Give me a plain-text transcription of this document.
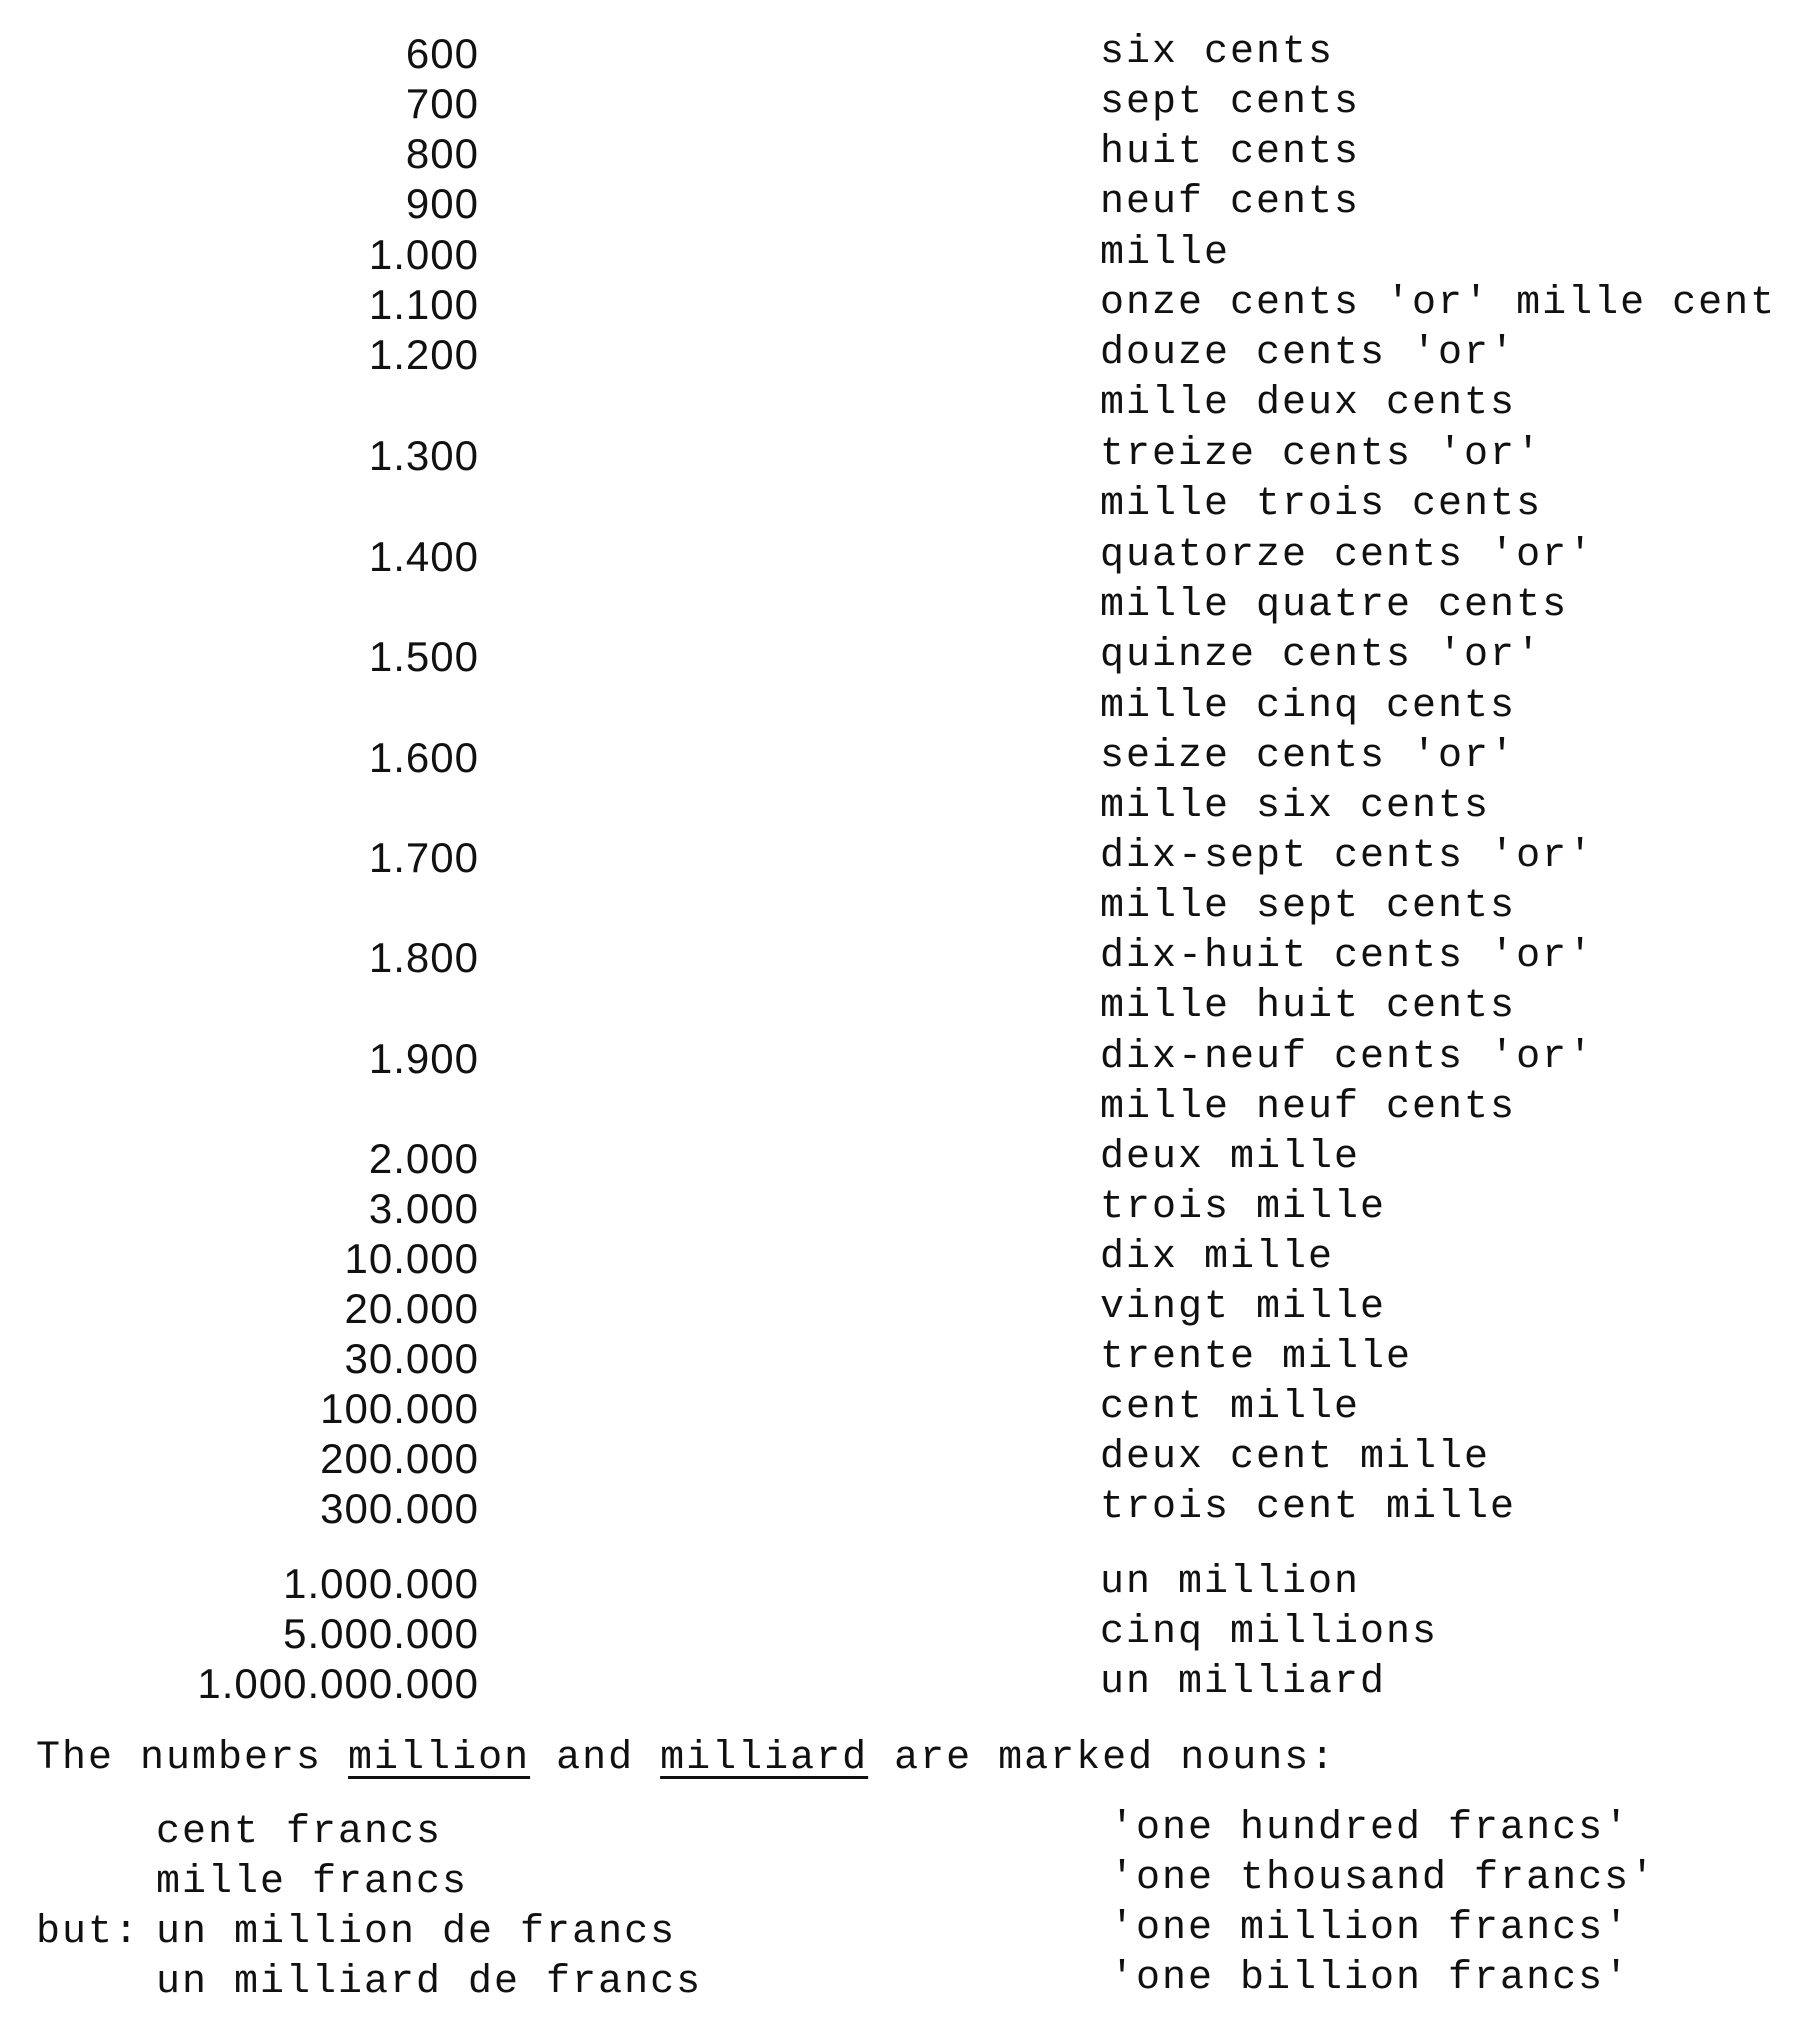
600	six cents
700	sept cents
800	huit cents
900	neuf cents
1.000	mille
1.100	onze cents 'or' mille cent
1.200	douze cents 'or'
mille deux cents
1.300	treize cents 'or'
mille trois cents
1.400	quatorze cents 'or'
mille quatre cents
1.500	quinze cents 'or'
mille cinq cents
1.600	seize cents 'or'
mille six cents
1.700	dix-sept cents 'or'
mille sept cents
1.800	dix-huit cents 'or'
mille huit cents
1.900	dix-neuf cents 'or'
mille neuf cents
2.000	deux mille
3.000	trois mille
10.000	dix mille
20.000	vingt mille
30.000	trente mille
100.000	cent mille
200.000	deux cent mille
300.000	trois cent mille
1.000.000	un million
5.000.000	cinq millions
1.000.000.000	un milliard
The numbers million and milliard are marked nouns:
cent francs	'one hundred francs'
mille francs	'one thousand francs'
but: un million de francs	'one million francs'
un milliard de francs	'one billion francs'
